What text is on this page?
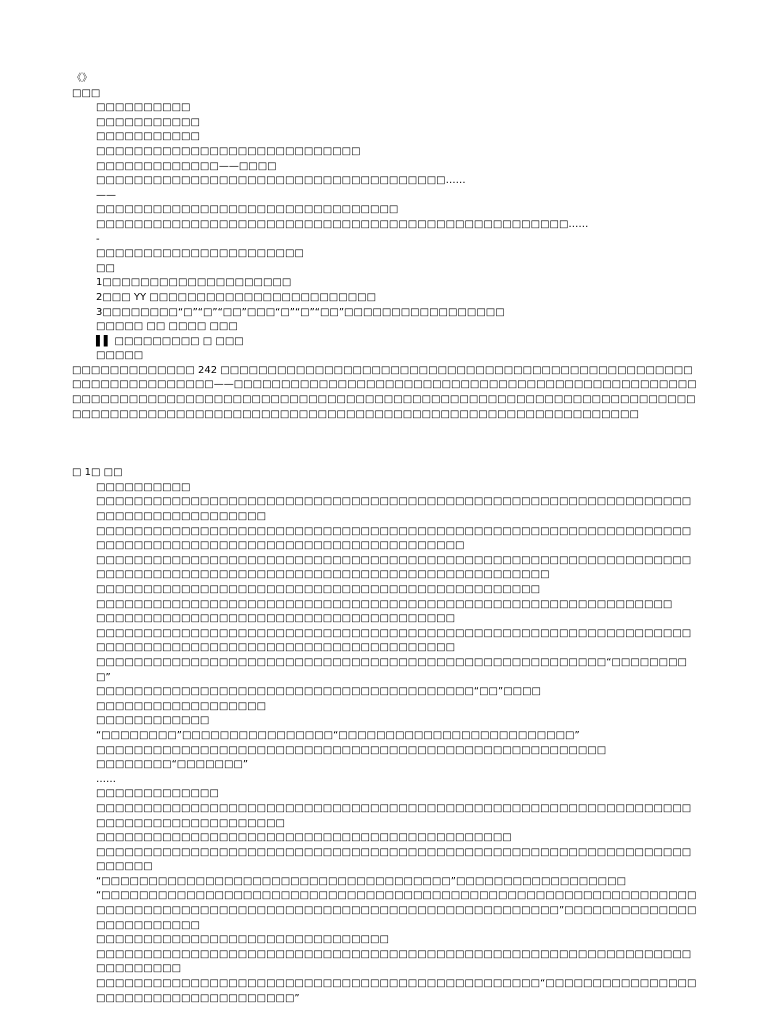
《》
□□□
□□□□□□□□□□
□□□□□□□□□□□
□□□□□□□□□□□
□□□□□□□□□□□□□□□□□□□□□□□□□□□□
□□□□□□□□□□□□□——□□□□
□□□□□□□□□□□□□□□□□□□□□□□□□□□□□□□□□□□□□……
——
□□□□□□□□□□□□□□□□□□□□□□□□□□□□□□□□
□□□□□□□□□□□□□□□□□□□□□□□□□□□□□□□□□□□□□□□□□□□□□□□□□□……
-
□□□□□□□□□□□□□□□□□□□□□□
□□
1□□□□□□□□□□□□□□□□□□□□
2□□□ YY □□□□□□□□□□□□□□□□□□□□□□□□
3□□□□□□□□“□”“□”“□□”□□□“□”“□”“□□”□□□□□□□□□□□□□□□□□
□□□□□ □□ □□□□ □□□
▌▌ □□□□□□□□□ □ □□□
□□□□□
□□□□□□□□□□□□□ 242 □□□□□□□□□□□□□□□□□□□□□□□□□□□□□□□□□□□□□□□□□□□□□□□□□□□□□□□□□□□□□□□□□——□□□□□□□□□□□□□□□□□□□□□□□□□□□□□□□□□□□□□□□□□□□□□□□□□□□□□□□□□□□□□□□□□□□□□□□□□□□□□□□□□□□□□□□□□□□□□□□□□□□□□□□□□□□□□□□□□□□□□□□□□□□□□□□□□□□□□□□□□□□□□□□□□□□□□□□□□□□□□□□□□□□□□□□□□□□□□□□
□ 1□ □□
□□□□□□□□□□
□□□□□□□□□□□□□□□□□□□□□□□□□□□□□□□□□□□□□□□□□□□□□□□□□□□□□□□□□□□□□□□□□□□□□□□□□□□□□□□□□
□□□□□□□□□□□□□□□□□□□□□□□□□□□□□□□□□□□□□□□□□□□□□□□□□□□□□□□□□□□□□□□□□□□□□□□□□□□□□□□□□□□□□□□□□□□□□□□□□□□□□□
□□□□□□□□□□□□□□□□□□□□□□□□□□□□□□□□□□□□□□□□□□□□□□□□□□□□□□□□□□□□□□□□□□□□□□□□□□□□□□□□□□□□□□□□□□□□□□□□□□□□□□□□□□□□□□□
□□□□□□□□□□□□□□□□□□□□□□□□□□□□□□□□□□□□□□□□□□□□□□□
□□□□□□□□□□□□□□□□□□□□□□□□□□□□□□□□□□□□□□□□□□□□□□□□□□□□□□□□□□□□□
□□□□□□□□□□□□□□□□□□□□□□□□□□□□□□□□□□□□□□
□□□□□□□□□□□□□□□□□□□□□□□□□□□□□□□□□□□□□□□□□□□□□□□□□□□□□□□□□□□□□□□□□□□□□□□□□□□□□□□□□□□□□□□□□□□□□□□□□□□□□
□□□□□□□□□□□□□□□□□□□□□□□□□□□□□□□□□□□□□□□□□□□□□□□□□□□□□□“□□□□□□□□□”
□□□□□□□□□□□□□□□□□□□□□□□□□□□□□□□□□□□□□□□□“□□”□□□□
□□□□□□□□□□□□□□□□□□
□□□□□□□□□□□□
“□□□□□□□□”□□□□□□□□□□□□□□□□“□□□□□□□□□□□□□□□□□□□□□□□□□”
□□□□□□□□□□□□□□□□□□□□□□□□□□□□□□□□□□□□□□□□□□□□□□□□□□□□□□
□□□□□□□□“□□□□□□□”
……
□□□□□□□□□□□□□
□□□□□□□□□□□□□□□□□□□□□□□□□□□□□□□□□□□□□□□□□□□□□□□□□□□□□□□□□□□□□□□□□□□□□□□□□□□□□□□□□□□
□□□□□□□□□□□□□□□□□□□□□□□□□□□□□□□□□□□□□□□□□□□□
□□□□□□□□□□□□□□□□□□□□□□□□□□□□□□□□□□□□□□□□□□□□□□□□□□□□□□□□□□□□□□□□□□□□□
“□□□□□□□□□□□□□□□□□□□□□□□□□□□□□□□□□□□□□”□□□□□□□□□□□□□□□□□□
“□□□□□□□□□□□□□□□□□□□□□□□□□□□□□□□□□□□□□□□□□□□□□□□□□□□□□□□□□□□□□□□□□□□□□□□□□□□□□□□□□□□□□□□□□□□□□□□□□□□□□□□□□□□□□□□□”□□□□□□□□□□□□□□□□□□□□□□□□□
□□□□□□□□□□□□□□□□□□□□□□□□□□□□□□□
□□□□□□□□□□□□□□□□□□□□□□□□□□□□□□□□□□□□□□□□□□□□□□□□□□□□□□□□□□□□□□□□□□□□□□□□
□□□□□□□□□□□□□□□□□□□□□□□□□□□□□□□□□□□□□□□□□□□□□□□“□□□□□□□□□□□□□□□□□□□□□□□□□□□□□□□□□□□□□”
